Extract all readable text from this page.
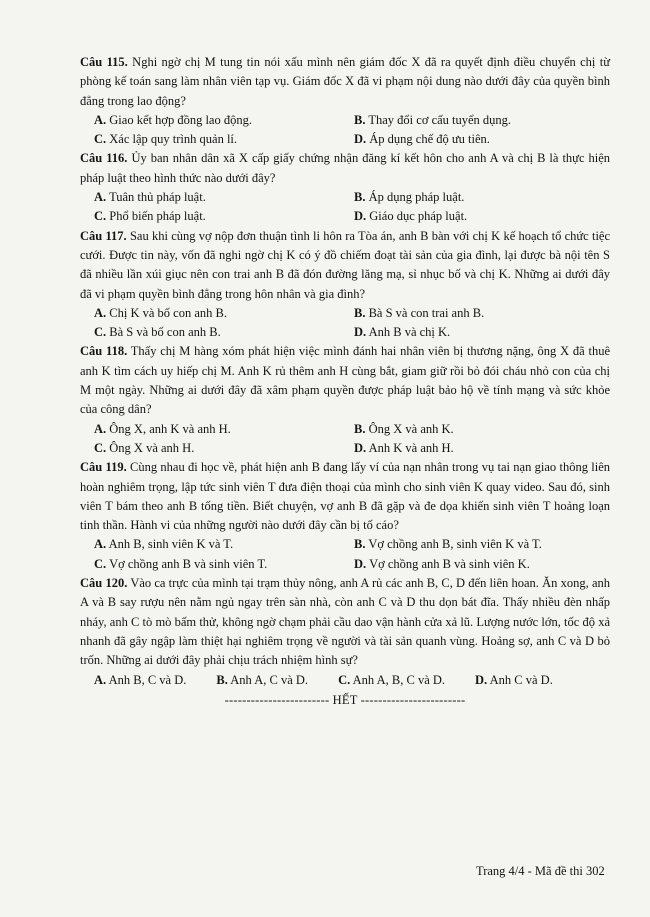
Câu 115. Nghi ngờ chị M tung tin nói xấu mình nên giám đốc X đã ra quyết định điều chuyển chị từ phòng kế toán sang làm nhân viên tạp vụ. Giám đốc X đã vi phạm nội dung nào dưới đây của quyền bình đẳng trong lao động?
A. Giao kết hợp đồng lao động.	B. Thay đổi cơ cấu tuyển dụng.
C. Xác lập quy trình quản lí.	D. Áp dụng chế độ ưu tiên.
Câu 116. Ủy ban nhân dân xã X cấp giấy chứng nhận đăng kí kết hôn cho anh A và chị B là thực hiện pháp luật theo hình thức nào dưới đây?
A. Tuân thủ pháp luật.	B. Áp dụng pháp luật.
C. Phổ biến pháp luật.	D. Giáo dục pháp luật.
Câu 117. Sau khi cùng vợ nộp đơn thuận tình li hôn ra Tòa án, anh B bàn với chị K kế hoạch tổ chức tiệc cưới. Được tin này, vốn đã nghi ngờ chị K có ý đồ chiếm đoạt tài sản của gia đình, lại được bà nội tên S đã nhiều lần xúi giục nên con trai anh B đã đón đường lăng mạ, sỉ nhục bố và chị K. Những ai dưới đây đã vi phạm quyền bình đẳng trong hôn nhân và gia đình?
A. Chị K và bố con anh B.	B. Bà S và con trai anh B.
C. Bà S và bố con anh B.	D. Anh B và chị K.
Câu 118. Thấy chị M hàng xóm phát hiện việc mình đánh hai nhân viên bị thương nặng, ông X đã thuê anh K tìm cách uy hiếp chị M. Anh K rủ thêm anh H cùng bắt, giam giữ rồi bỏ đói cháu nhỏ con của chị M một ngày. Những ai dưới đây đã xâm phạm quyền được pháp luật bảo hộ về tính mạng và sức khỏe của công dân?
A. Ông X, anh K và anh H.	B. Ông X và anh K.
C. Ông X và anh H.	D. Anh K và anh H.
Câu 119. Cùng nhau đi học về, phát hiện anh B đang lấy ví của nạn nhân trong vụ tai nạn giao thông liên hoàn nghiêm trọng, lập tức sinh viên T đưa điện thoại của mình cho sinh viên K quay video. Sau đó, sinh viên T bám theo anh B tống tiền. Biết chuyện, vợ anh B đã gặp và đe dọa khiến sinh viên T hoảng loạn tinh thần. Hành vi của những người nào dưới đây cần bị tố cáo?
A. Anh B, sinh viên K và T.	B. Vợ chồng anh B, sinh viên K và T.
C. Vợ chồng anh B và sinh viên T.	D. Vợ chồng anh B và sinh viên K.
Câu 120. Vào ca trực của mình tại trạm thủy nông, anh A rủ các anh B, C, D đến liên hoan. Ăn xong, anh A và B say rượu nên nằm ngủ ngay trên sàn nhà, còn anh C và D thu dọn bát đĩa. Thấy nhiều đèn nhấp nháy, anh C tò mò bấm thử, không ngờ chạm phải cầu dao vận hành cửa xả lũ. Lượng nước lớn, tốc độ xả nhanh đã gây ngập làm thiệt hại nghiêm trọng về người và tài sản quanh vùng. Hoảng sợ, anh C và D bỏ trốn. Những ai dưới đây phải chịu trách nhiệm hình sự?
A. Anh B, C và D. B. Anh A, C và D. C. Anh A, B, C và D. D. Anh C và D.
------------------------ HẾT ------------------------
Trang 4/4 - Mã đề thi 302
